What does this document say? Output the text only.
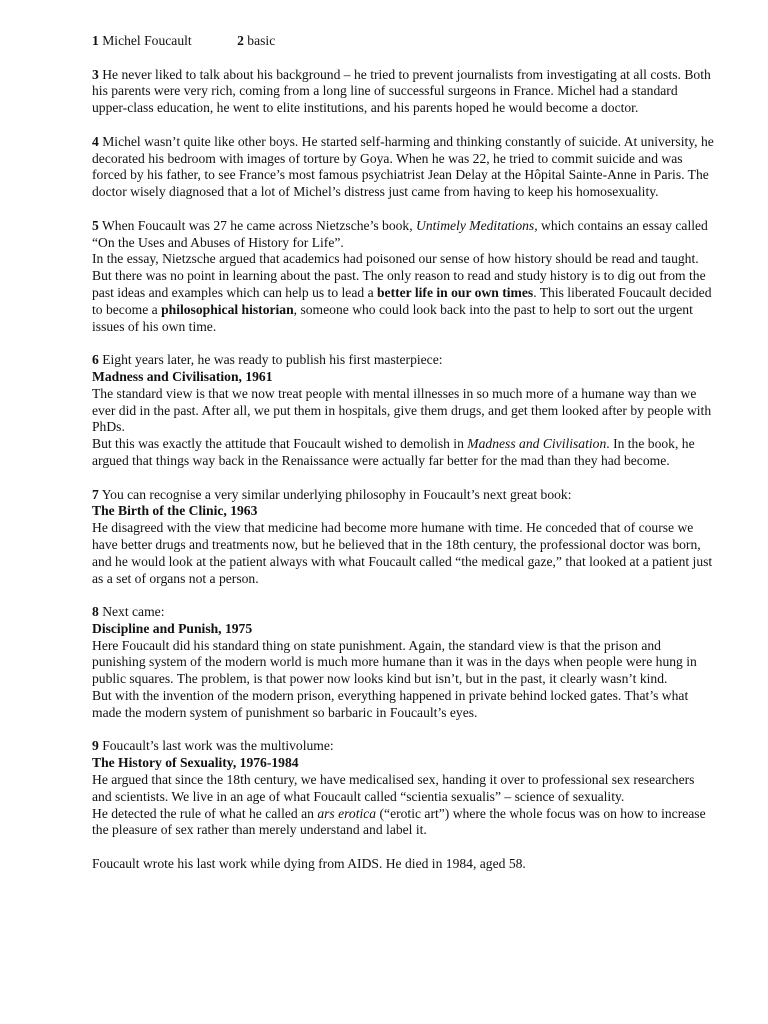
1 Michel Foucault	2 basic

3 He never liked to talk about his background – he tried to prevent journalists from investigating at all costs. Both his parents were very rich, coming from a long line of successful surgeons in France. Michel had a standard upper-class education, he went to elite institutions, and his parents hoped he would become a doctor.

4 Michel wasn’t quite like other boys. He started self-harming and thinking constantly of suicide. At university, he decorated his bedroom with images of torture by Goya. When he was 22, he tried to commit suicide and was forced by his father, to see France’s most famous psychiatrist Jean Delay at the Hôpital Sainte-Anne in Paris. The doctor wisely diagnosed that a lot of Michel’s distress just came from having to keep his homosexuality.

5 When Foucault was 27 he came across Nietzsche’s book, Untimely Meditations, which contains an essay called “On the Uses and Abuses of History for Life”.
In the essay, Nietzsche argued that academics had poisoned our sense of how history should be read and taught. But there was no point in learning about the past. The only reason to read and study history is to dig out from the past ideas and examples which can help us to lead a better life in our own times. This liberated Foucault decided to become a philosophical historian, someone who could look back into the past to help to sort out the urgent issues of his own time.

6 Eight years later, he was ready to publish his first masterpiece:
Madness and Civilisation, 1961
The standard view is that we now treat people with mental illnesses in so much more of a humane way than we ever did in the past. After all, we put them in hospitals, give them drugs, and get them looked after by people with PhDs.
But this was exactly the attitude that Foucault wished to demolish in Madness and Civilisation. In the book, he argued that things way back in the Renaissance were actually far better for the mad than they had become.

7 You can recognise a very similar underlying philosophy in Foucault’s next great book:
The Birth of the Clinic, 1963
He disagreed with the view that medicine had become more humane with time. He conceded that of course we have better drugs and treatments now, but he believed that in the 18th century, the professional doctor was born, and he would look at the patient always with what Foucault called “the medical gaze,” that looked at a patient just as a set of organs not a person.

8 Next came:
Discipline and Punish, 1975
Here Foucault did his standard thing on state punishment. Again, the standard view is that the prison and punishing system of the modern world is much more humane than it was in the days when people were hung in public squares. The problem, is that power now looks kind but isn’t, but in the past, it clearly wasn’t kind.
But with the invention of the modern prison, everything happened in private behind locked gates. That’s what made the modern system of punishment so barbaric in Foucault’s eyes.

9 Foucault’s last work was the multivolume:
The History of Sexuality, 1976-1984
He argued that since the 18th century, we have medicalised sex, handing it over to professional sex researchers and scientists. We live in an age of what Foucault called “scientia sexualis” – science of sexuality.
He detected the rule of what he called an ars erotica (“erotic art”) where the whole focus was on how to increase the pleasure of sex rather than merely understand and label it.

Foucault wrote his last work while dying from AIDS. He died in 1984, aged 58.
